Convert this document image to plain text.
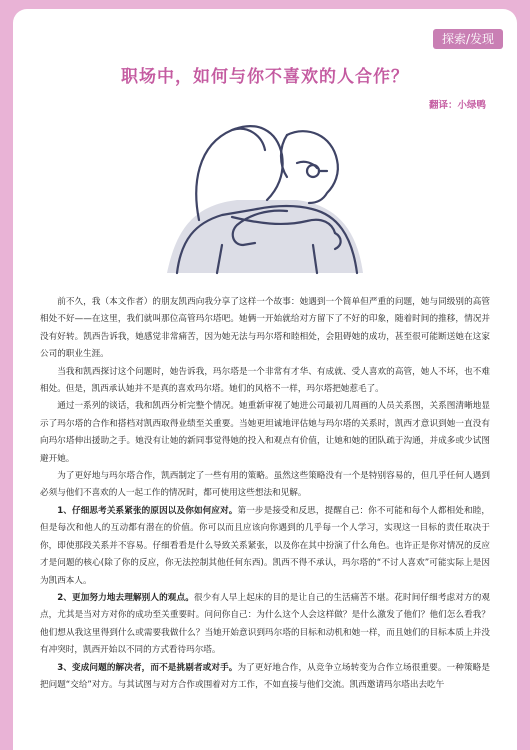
探索/发现
职场中，如何与你不喜欢的人合作？
翻译：小绿鸭

前不久，我（本文作者）的朋友凯西向我分享了这样一个故事：她遇到一个简单但严重的问题，她与同级别的高管相处不好——在这里，我们就叫那位高管玛尔塔吧。她俩一开始就给对方留下了不好的印象，随着时间的推移，情况并没有好转。凯西告诉我，她感觉非常痛苦，因为她无法与玛尔塔和睦相处，会阻碍她的成功，甚至很可能断送她在这家公司的职业生涯。

当我和凯西探讨这个问题时，她告诉我，玛尔塔是一个非常有才华、有成就、受人喜欢的高管，她人不坏，也不难相处。但是，凯西承认她并不是真的喜欢玛尔塔。她们的风格不一样，玛尔塔把她惹毛了。

通过一系列的谈话，我和凯西分析完整个情况。她重新审视了她进公司最初几周画的人员关系图，关系图清晰地显示了玛尔塔的合作和搭档对凯西取得业绩至关重要。当她更坦诚地评估她与玛尔塔的关系时，凯西才意识到她一直没有向玛尔塔伸出援助之手。她没有让她的新同事觉得她的投入和观点有价值，让她和她的团队疏于沟通，并成多或少试图避开她。

为了更好地与玛尔塔合作，凯西制定了一些有用的策略。虽然这些策略没有一个是特别容易的，但几乎任何人遇到必须与他们不喜欢的人一起工作的情况时，都可使用这些想法和见解。

1、仔细思考关系紧张的原因以及你如何应对。第一步是接受和反思，提醒自己：你不可能和每个人都相处和睦，但是每次和他人的互动都有潜在的价值。你可以而且应该向你遇到的几乎每一个人学习，实现这一目标的责任取决于你，即使那段关系并不容易。仔细看看是什么导致关系紧张，以及你在其中扮演了什么角色。也许正是你对情况的反应才是问题的核心(除了你的反应，你无法控制其他任何东西)。凯西不得不承认，玛尔塔的“不讨人喜欢”可能实际上是因为凯西本人。

2、更加努力地去理解别人的观点。很少有人早上起床的目的是让自己的生活痛苦不堪。花时间仔细考虑对方的观点，尤其是当对方对你的成功至关重要时。问问你自己：为什么这个人会这样做？是什么激发了他们？他们怎么看我？他们想从我这里得到什么或需要我做什么？当她开始意识到玛尔塔的目标和动机和她一样，而且她们的目标本质上并没有冲突时，凯西开始以不同的方式看待玛尔塔。

3、变成问题的解决者，而不是挑剔者或对手。为了更好地合作，从竞争立场转变为合作立场很重要。一种策略是把问题“交给”对方。与其试图与对方合作或围着对方工作，不如直接与他们交流。凯西邀请玛尔塔出去吃午
